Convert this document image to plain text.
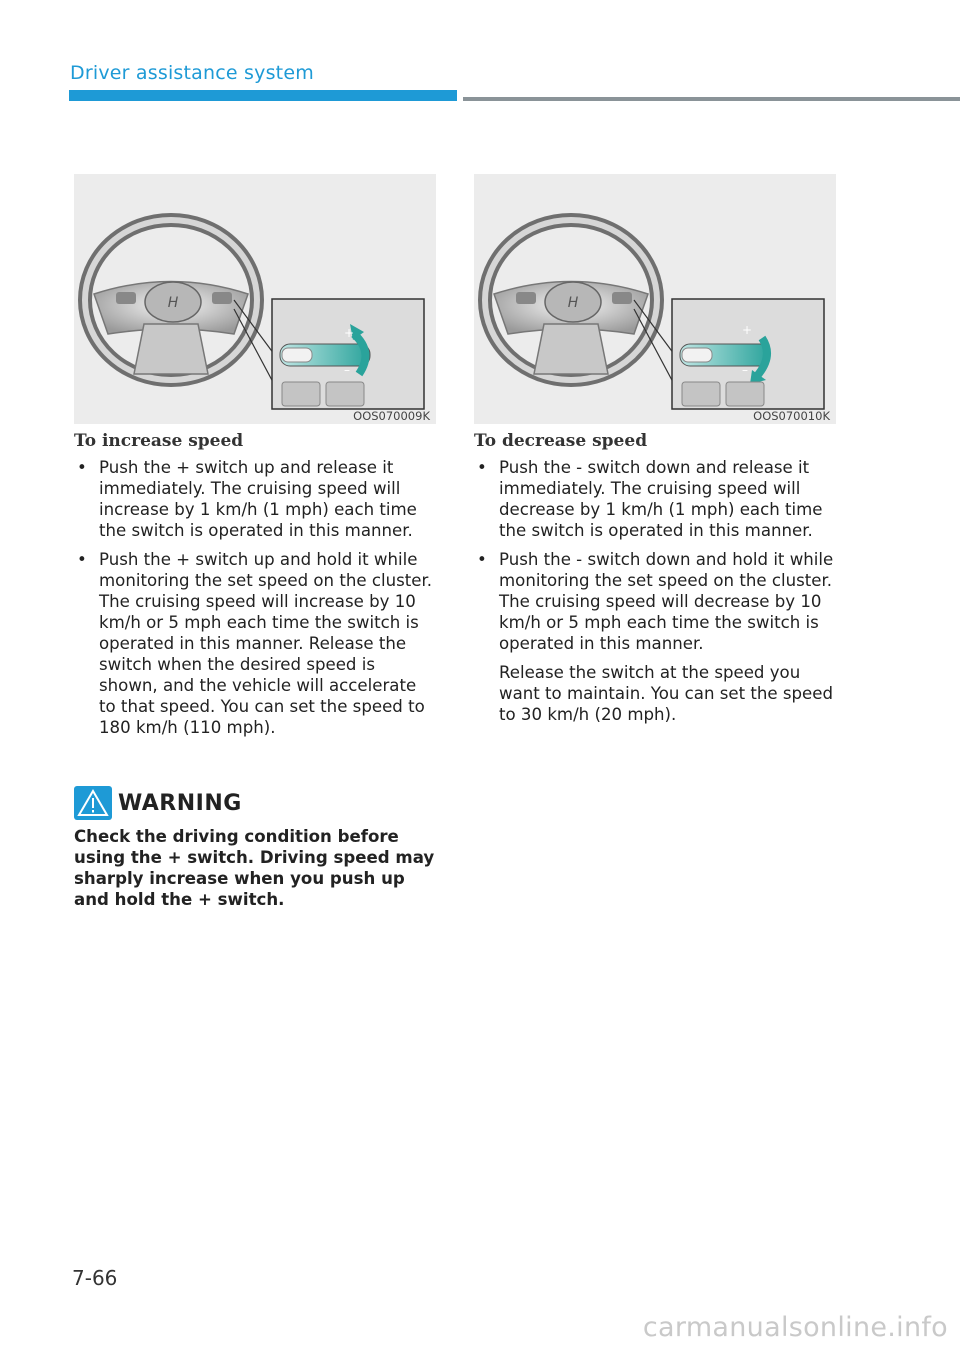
Driver assistance system
H
+
–
OOS070009K
H
+
–
OOS070010K
To increase speed
• Push the + switch up and release it immediately. The cruising speed will increase by 1 km/h (1 mph) each time the switch is operated in this manner.
• Push the + switch up and hold it while monitoring the set speed on the cluster. The cruising speed will increase by 10 km/h or 5 mph each time the switch is operated in this manner. Release the switch when the desired speed is shown, and the vehicle will accelerate to that speed. You can set the speed to 180 km/h (110 mph).
WARNING
Check the driving condition before using the + switch. Driving speed may sharply increase when you push up and hold the + switch.
To decrease speed
• Push the - switch down and release it immediately. The cruising speed will decrease by 1 km/h (1 mph) each time the switch is operated in this manner.
• Push the - switch down and hold it while monitoring the set speed on the cluster. The cruising speed will decrease by 10 km/h or 5 mph each time the switch is operated in this manner.

Release the switch at the speed you want to maintain. You can set the speed to 30 km/h (20 mph).

7-66
carmanualsonline.info
